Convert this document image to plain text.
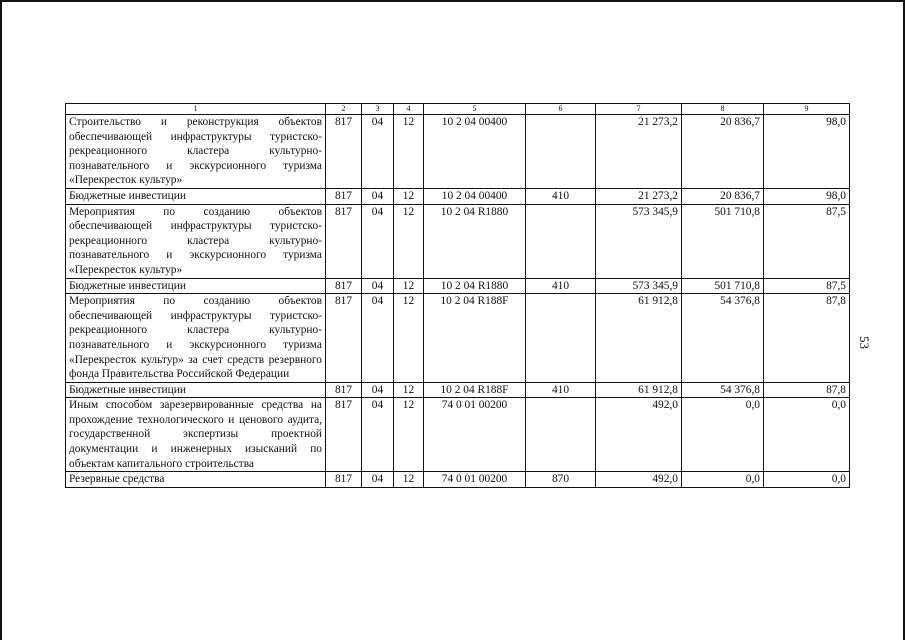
1	2	3	4	5	6	7	8	9
Строительство и реконструкция объектов обеспечивающей инфраструктуры туристско-рекреационного кластера культурно-познавательного и экскурсионного туризма «Перекресток культур»	817	04	12	10 2 04 00400		21 273,2	20 836,7	98,0
Бюджетные инвестиции	817	04	12	10 2 04 00400	410	21 273,2	20 836,7	98,0
Мероприятия по созданию объектов обеспечивающей инфраструктуры туристско-рекреационного кластера культурно-познавательного и экскурсионного туризма «Перекресток культур»	817	04	12	10 2 04 R1880		573 345,9	501 710,8	87,5
Бюджетные инвестиции	817	04	12	10 2 04 R1880	410	573 345,9	501 710,8	87,5
Мероприятия по созданию объектов обеспечивающей инфраструктуры туристско-рекреационного кластера культурно-познавательного и экскурсионного туризма «Перекресток культур» за счет средств резервного фонда Правительства Российской Федерации	817	04	12	10 2 04 R188F		61 912,8	54 376,8	87,8
Бюджетные инвестиции	817	04	12	10 2 04 R188F	410	61 912,8	54 376,8	87,8
Иным способом зарезервированные средства на прохождение технологического и ценового аудита, государственной экспертизы проектной документации и инженерных изысканий по объектам капитального строительства	817	04	12	74 0 01 00200		492,0	0,0	0,0
Резервные средства	817	04	12	74 0 01 00200	870	492,0	0,0	0,0
53
